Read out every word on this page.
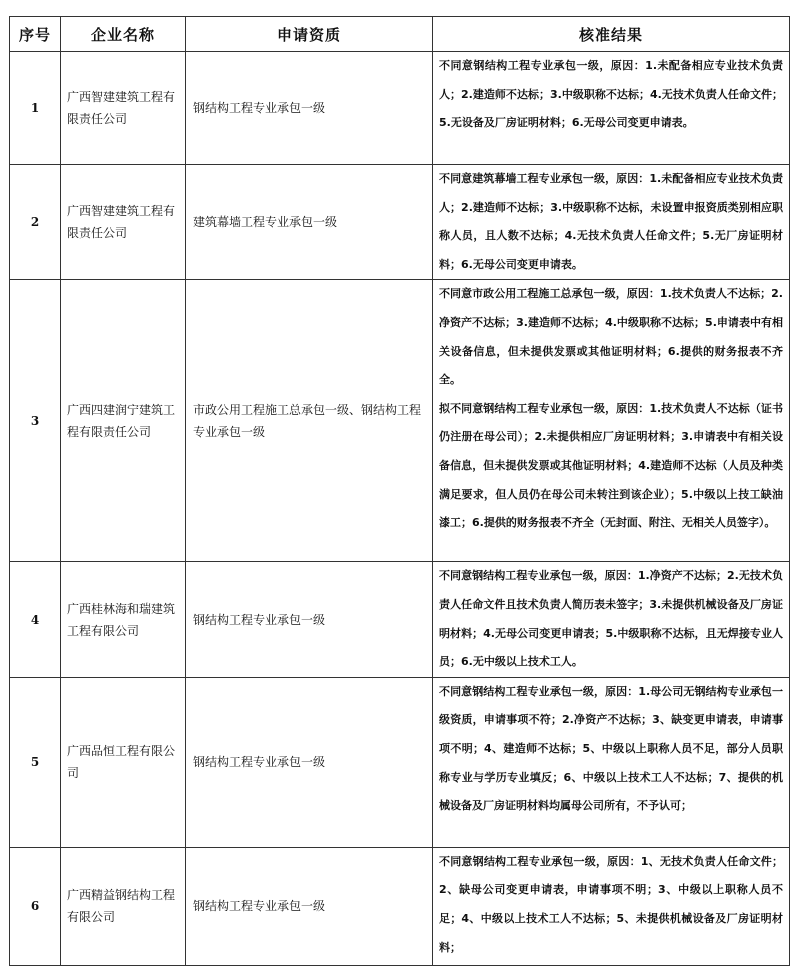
序号	企业名称	申请资质	核准结果
1	广西智建建筑工程有限责任公司	钢结构工程专业承包一级	不同意钢结构工程专业承包一级，原因：1.未配备相应专业技术负责人；2.建造师不达标；3.中级职称不达标；4.无技术负责人任命文件；5.无设备及厂房证明材料；6.无母公司变更申请表。

2	广西智建建筑工程有限责任公司	建筑幕墙工程专业承包一级	不同意建筑幕墙工程专业承包一级，原因：1.未配备相应专业技术负责人；2.建造师不达标；3.中级职称不达标，未设置申报资质类别相应职称人员，且人数不达标；4.无技术负责人任命文件；5.无厂房证明材料；6.无母公司变更申请表。

3	广西四建润宁建筑工程有限责任公司	市政公用工程施工总承包一级、钢结构工程专业承包一级	不同意市政公用工程施工总承包一级，原因：1.技术负责人不达标；2.净资产不达标；3.建造师不达标；4.中级职称不达标；5.申请表中有相关设备信息，但未提供发票或其他证明材料；6.提供的财务报表不齐全。
拟不同意钢结构工程专业承包一级，原因：1.技术负责人不达标（证书仍注册在母公司）；2.未提供相应厂房证明材料；3.申请表中有相关设备信息，但未提供发票或其他证明材料；4.建造师不达标（人员及种类满足要求，但人员仍在母公司未转注到该企业）；5.中级以上技工缺油漆工；6.提供的财务报表不齐全（无封面、附注、无相关人员签字）。

4	广西桂林海和瑞建筑工程有限公司	钢结构工程专业承包一级	不同意钢结构工程专业承包一级，原因：1.净资产不达标；2.无技术负责人任命文件且技术负责人简历表未签字；3.未提供机械设备及厂房证明材料；4.无母公司变更申请表；5.中级职称不达标，且无焊接专业人员；6.无中级以上技术工人。

5	广西品恒工程有限公司	钢结构工程专业承包一级	不同意钢结构工程专业承包一级，原因：1.母公司无钢结构专业承包一级资质，申请事项不符；2.净资产不达标；3、缺变更申请表，申请事项不明；4、建造师不达标；5、中级以上职称人员不足，部分人员职称专业与学历专业填反；6、中级以上技术工人不达标；7、提供的机械设备及厂房证明材料均属母公司所有，不予认可；

6	广西精益钢结构工程有限公司	钢结构工程专业承包一级	不同意钢结构工程专业承包一级，原因：1、无技术负责人任命文件；2、缺母公司变更申请表，申请事项不明；3、中级以上职称人员不足；4、中级以上技术工人不达标；5、未提供机械设备及厂房证明材料；
